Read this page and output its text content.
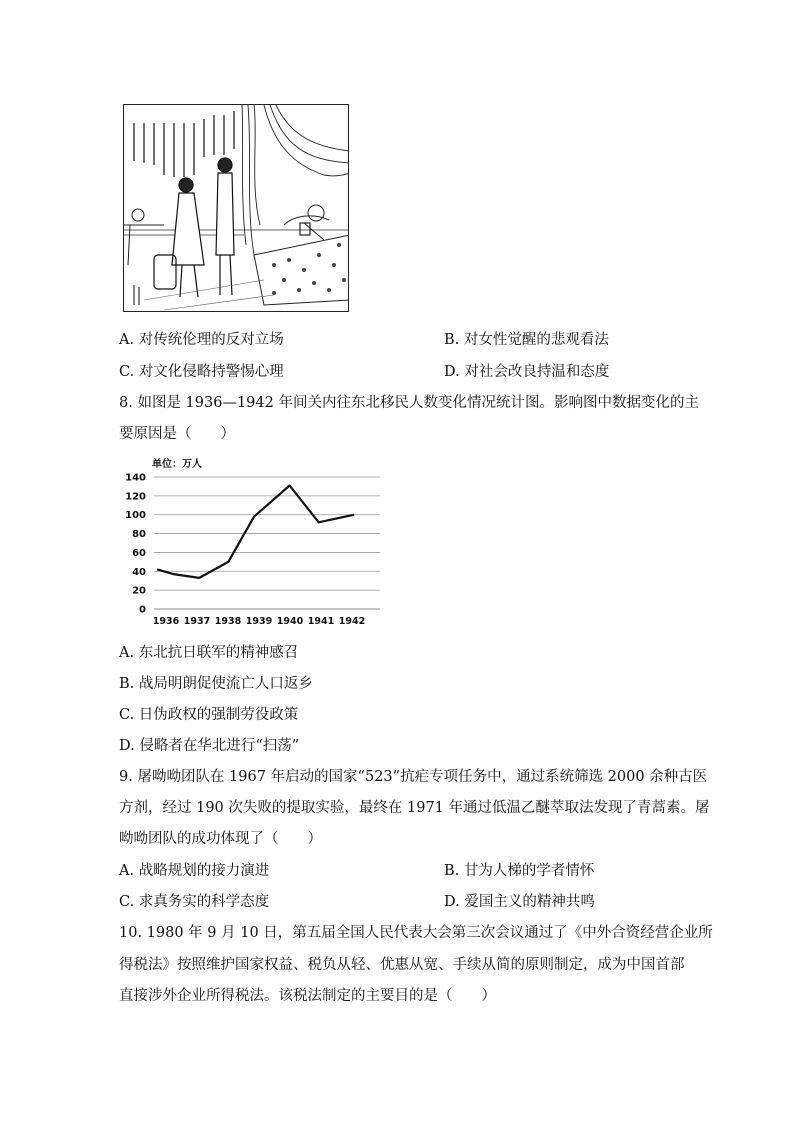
A. 对传统伦理的反对立场	B. 对女性觉醒的悲观看法
C. 对文化侵略持警惕心理	D. 对社会改良持温和态度
8. 如图是 1936—1942 年间关内往东北移民人数变化情况统计图。影响图中数据变化的主
要原因是（　　）
单位：万人
0
20
40
60
80
100
120
140
1936 1937 1938 1939 1940 1941 1942
A. 东北抗日联军的精神感召
B. 战局明朗促使流亡人口返乡
C. 日伪政权的强制劳役政策
D. 侵略者在华北进行“扫荡”
9. 屠呦呦团队在 1967 年启动的国家“523”抗疟专项任务中，通过系统筛选 2000 余种古医
方剂，经过 190 次失败的提取实验，最终在 1971 年通过低温乙醚萃取法发现了青蒿素。屠
呦呦团队的成功体现了（　　）
A. 战略规划的接力演进	B. 甘为人梯的学者情怀
C. 求真务实的科学态度	D. 爱国主义的精神共鸣
10. 1980 年 9 月 10 日，第五届全国人民代表大会第三次会议通过了《中外合资经营企业所
得税法》按照维护国家权益、税负从轻、优惠从宽、手续从简的原则制定，成为中国首部
直接涉外企业所得税法。该税法制定的主要目的是（　　）
